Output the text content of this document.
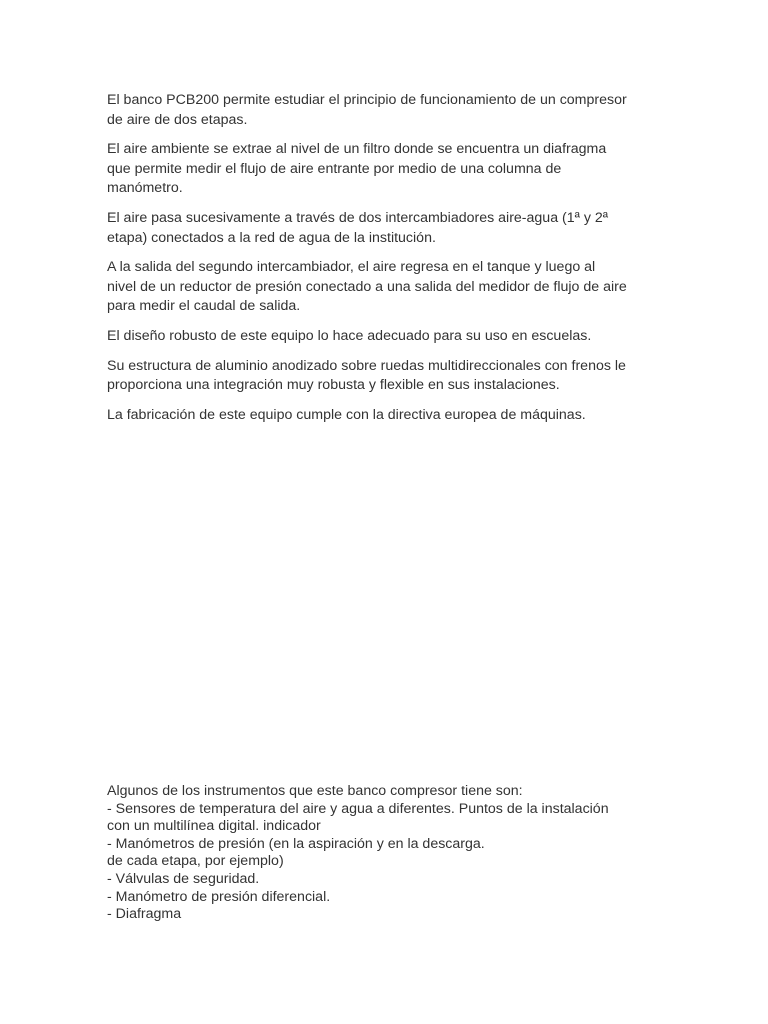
El banco PCB200 permite estudiar el principio de funcionamiento de un compresor
de aire de dos etapas.

El aire ambiente se extrae al nivel de un filtro donde se encuentra un diafragma
que permite medir el flujo de aire entrante por medio de una columna de
manómetro.

El aire pasa sucesivamente a través de dos intercambiadores aire-agua (1ª y 2ª
etapa) conectados a la red de agua de la institución.

A la salida del segundo intercambiador, el aire regresa en el tanque y luego al
nivel de un reductor de presión conectado a una salida del medidor de flujo de aire
para medir el caudal de salida.

El diseño robusto de este equipo lo hace adecuado para su uso en escuelas.

Su estructura de aluminio anodizado sobre ruedas multidireccionales con frenos le
proporciona una integración muy robusta y flexible en sus instalaciones.

La fabricación de este equipo cumple con la directiva europea de máquinas.

Algunos de los instrumentos que este banco compresor tiene son:

- Sensores de temperatura del aire y agua a diferentes. Puntos de la instalación

con un multilínea digital. indicador

- Manómetros de presión (en la aspiración y en la descarga.

de cada etapa, por ejemplo)

- Válvulas de seguridad.

- Manómetro de presión diferencial.

- Diafragma
